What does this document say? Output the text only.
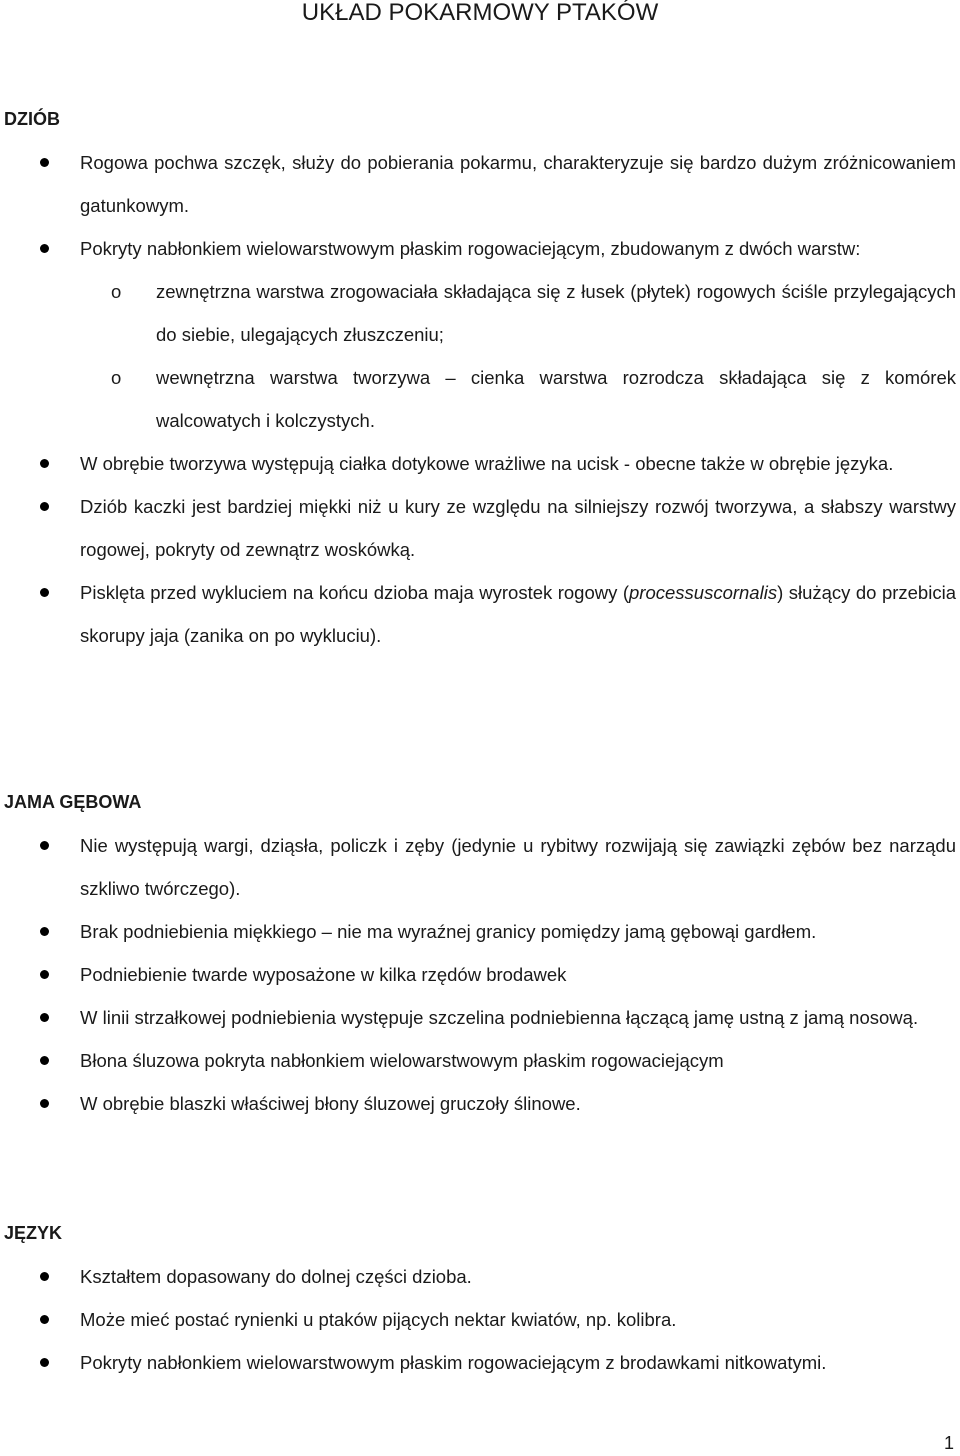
UKŁAD POKARMOWY PTAKÓW
DZIÓB
Rogowa pochwa szczęk, służy do pobierania pokarmu, charakteryzuje się bardzo dużym zróżnicowaniem gatunkowym.
Pokryty nabłonkiem wielowarstwowym płaskim rogowaciejącym, zbudowanym z dwóch warstw:
o zewnętrzna warstwa zrogowaciała składająca się z łusek (płytek) rogowych ściśle przylegających do siebie, ulegających złuszczeniu;
o wewnętrzna warstwa tworzywa – cienka warstwa rozrodcza składająca się z komórek walcowatych i kolczystych.
W obrębie tworzywa występują ciałka dotykowe wrażliwe na ucisk - obecne także w obrębie języka.
Dziób kaczki jest bardziej miękki niż u kury ze względu na silniejszy rozwój tworzywa, a słabszy warstwy rogowej, pokryty od zewnątrz woskówką.
Pisklęta przed wykluciem na końcu dzioba maja wyrostek rogowy (processuscornalis) służący do przebicia skorupy jaja (zanika on po wykluciu).
JAMA GĘBOWA
Nie występują wargi, dziąsła, policzk i zęby (jedynie u rybitwy rozwijają się zawiązki zębów bez narządu szkliwo twórczego).
Brak podniebienia miękkiego – nie ma wyraźnej granicy pomiędzy jamą gębowąi gardłem.
Podniebienie twarde wyposażone w kilka rzędów brodawek
W linii strzałkowej podniebienia występuje szczelina podniebienna łączącą jamę ustną z jamą nosową.
Błona śluzowa pokryta nabłonkiem wielowarstwowym płaskim rogowaciejącym
W obrębie blaszki właściwej błony śluzowej gruczoły ślinowe.
JĘZYK
Kształtem dopasowany do dolnej części dzioba.
Może mieć postać rynienki u ptaków pijących nektar kwiatów, np. kolibra.
Pokryty nabłonkiem wielowarstwowym płaskim rogowaciejącym z brodawkami nitkowatymi.
1
